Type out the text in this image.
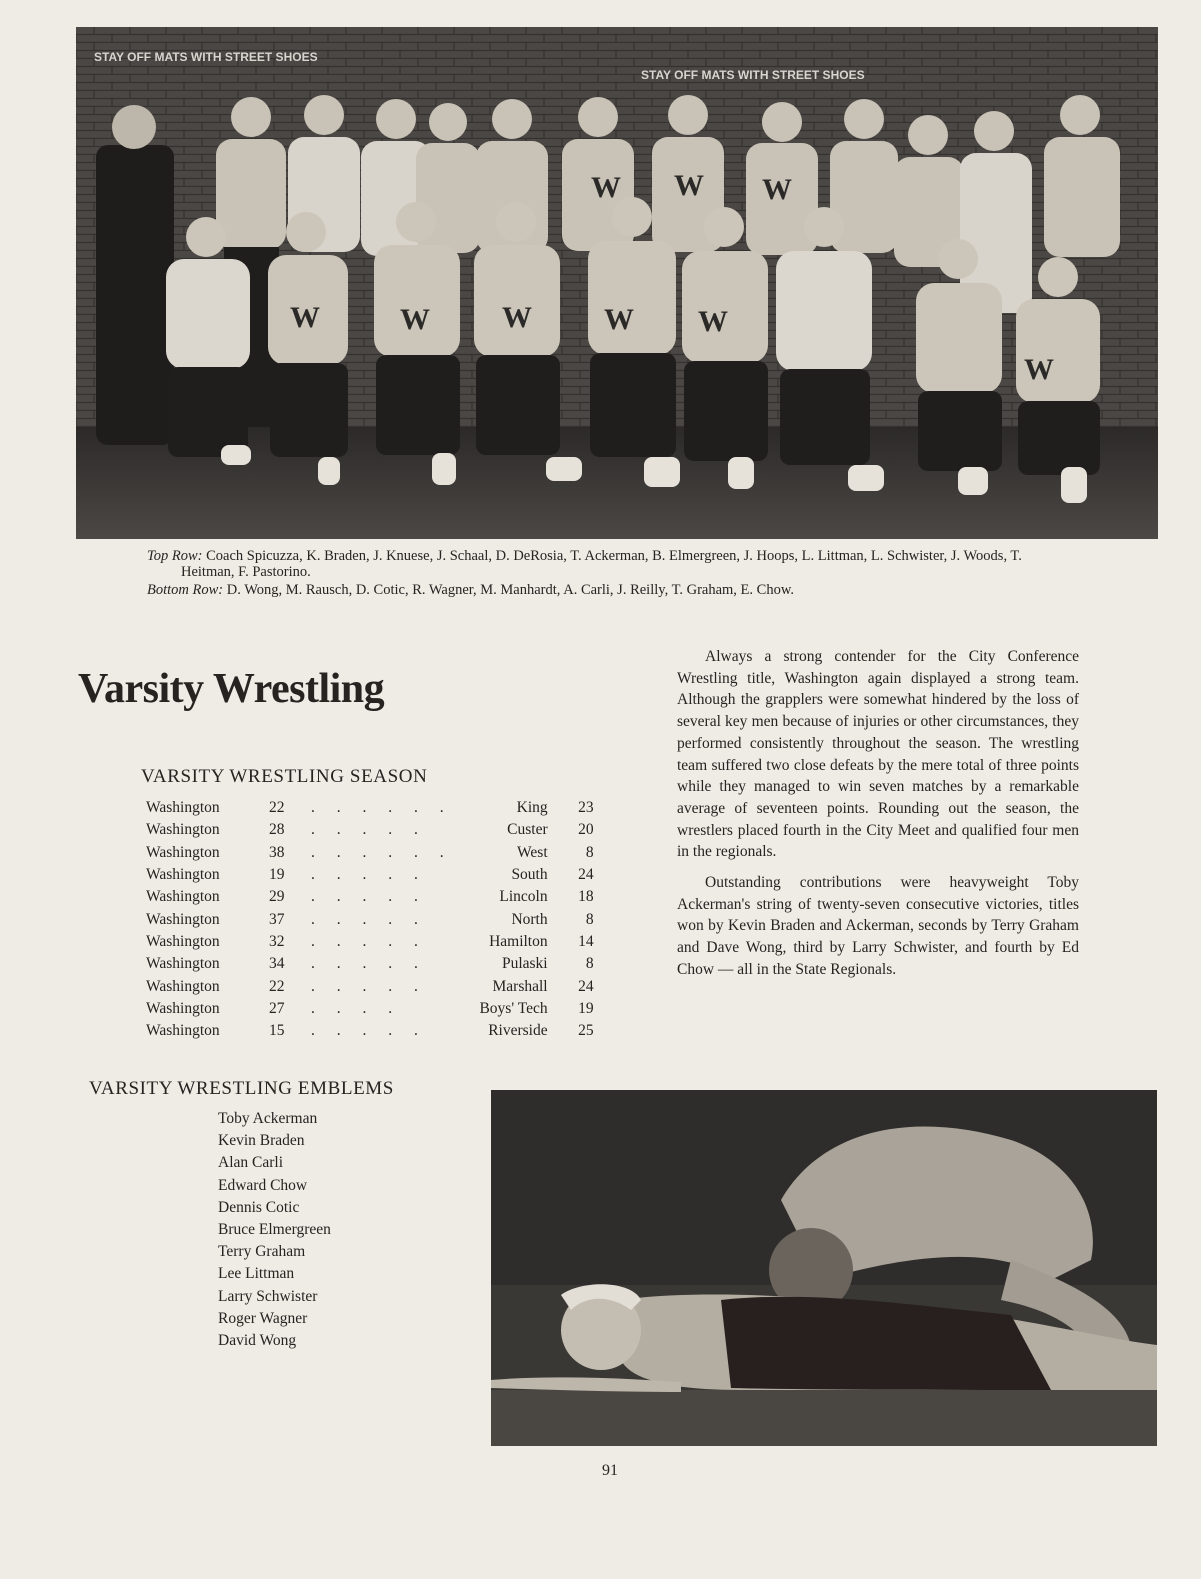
STAY OFF MATS WITH STREET SHOES
STAY OFF MATS WITH STREET SHOES
W W W
W	W W W W
W

Top Row: Coach Spicuzza, K. Braden, J. Knuese, J. Schaal, D. DeRosia, T. Ackerman, B. Elmergreen, J. Hoops, L. Littman, L. Schwister, J. Woods, T. Heitman, F. Pastorino.

Bottom Row: D. Wong, M. Rausch, D. Cotic, R. Wagner, M. Manhardt, A. Carli, J. Reilly, T. Graham, E. Chow.

Varsity Wrestling
VARSITY WRESTLING SEASON
Washington	22	. . . . . .	King	23
Washington	28	. . . . .	Custer	20
Washington	38	. . . . . .	West	8
Washington	19	. . . . .	South	24
Washington	29	. . . . .	Lincoln	18
Washington	37	. . . . .	North	8
Washington	32	. . . . .	Hamilton	14
Washington	34	. . . . .	Pulaski	8
Washington	22	. . . . .	Marshall	24
Washington	27	. . . .	Boys' Tech	19
Washington	15	. . . . .	Riverside	25

Always a strong contender for the City Conference Wrestling title, Washington again displayed a strong team. Although the grapplers were somewhat hindered by the loss of several key men because of injuries or other circumstances, they performed consistently throughout the season. The wrestling team suffered two close defeats by the mere total of three points while they managed to win seven matches by a remarkable average of seventeen points. Rounding out the season, the wrestlers placed fourth in the City Meet and qualified four men in the regionals.

Outstanding contributions were heavyweight Toby Ackerman's string of twenty-seven consecutive victories, titles won by Kevin Braden and Ackerman, seconds by Terry Graham and Dave Wong, third by Larry Schwister, and fourth by Ed Chow — all in the State Regionals.

VARSITY WRESTLING EMBLEMS
Toby Ackerman
Kevin Braden
Alan Carli
Edward Chow
Dennis Cotic
Bruce Elmergreen
Terry Graham
Lee Littman
Larry Schwister
Roger Wagner
David Wong
91
